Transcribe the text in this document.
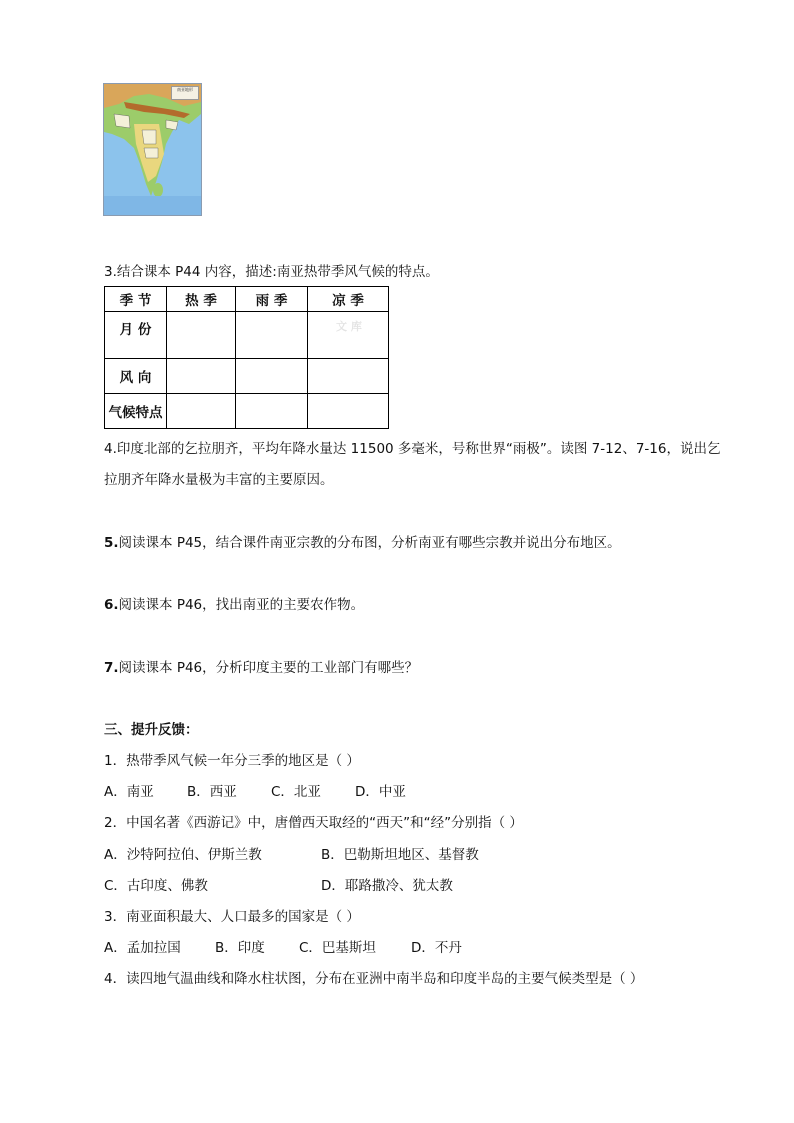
南亚地形
3.结合课本 P44 内容，描述:南亚热带季风气候的特点。
季 节	热 季	雨 季	凉 季
月 份			文 库

风 向			
气候特点			
4.印度北部的乞拉朋齐，平均年降水量达 11500 多毫米，号称世界“雨极”。读图 7-12、7-16，说出乞
拉朋齐年降水量极为丰富的主要原因。
5.阅读课本 P45，结合课件南亚宗教的分布图，分析南亚有哪些宗教并说出分布地区。
6.阅读课本 P46，找出南亚的主要农作物。
7.阅读课本 P46，分析印度主要的工业部门有哪些？
三、提升反馈：
1．热带季风气候一年分三季的地区是（ ）
A．南亚 B．西亚	C．北亚	D．中亚
2．中国名著《西游记》中，唐僧西天取经的“西天”和“经”分别指（ ）
A．沙特阿拉伯、伊斯兰教	B．巴勒斯坦地区、基督教
C．古印度、佛教	D．耶路撒冷、犹太教
3．南亚面积最大、人口最多的国家是（ ）
A．孟加拉国	B．印度	C．巴基斯坦	D．不丹
4．读四地气温曲线和降水柱状图，分布在亚洲中南半岛和印度半岛的主要气候类型是（ ）
